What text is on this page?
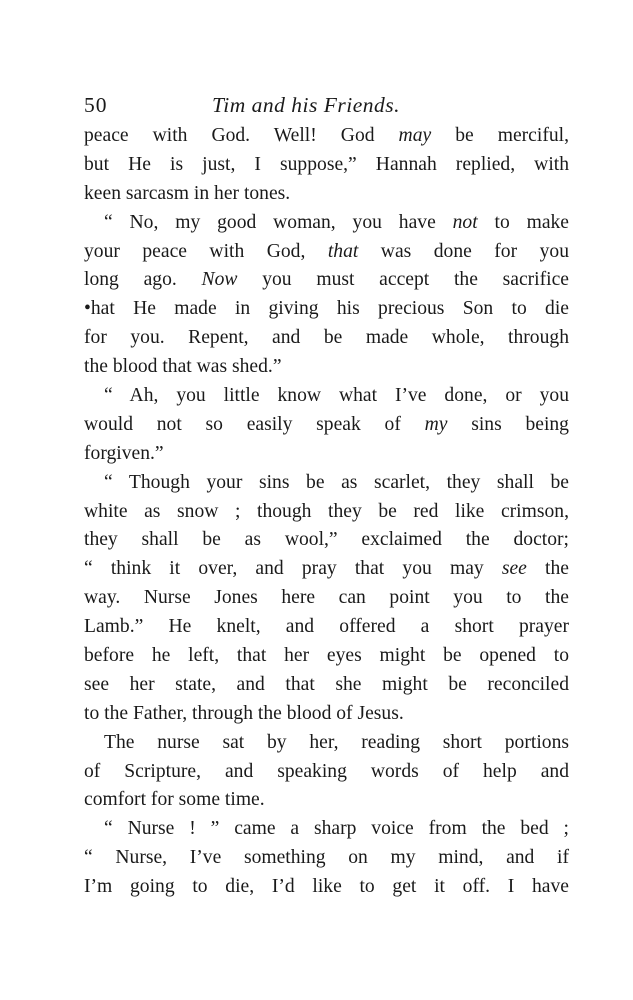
50	Tim and his Friends.
peace with God. Well! God may be merciful,
but He is just, I suppose,” Hannah replied, with
keen sarcasm in her tones.
“ No, my good woman, you have not to make
your peace with God, that was done for you
long ago. Now you must accept the sacrifice
•hat He made in giving his precious Son to die
for you. Repent, and be made whole, through
the blood that was shed.”
“ Ah, you little know what I’ve done, or you
would not so easily speak of my sins being
forgiven.”
“ Though your sins be as scarlet, they shall be
white as snow ; though they be red like crimson,
they shall be as wool,” exclaimed the doctor;
“ think it over, and pray that you may see the
way. Nurse Jones here can point you to the
Lamb.” He knelt, and offered a short prayer
before he left, that her eyes might be opened to
see her state, and that she might be reconciled
to the Father, through the blood of Jesus.
The nurse sat by her, reading short portions
of Scripture, and speaking words of help and
comfort for some time.
“ Nurse ! ” came a sharp voice from the bed ;
“ Nurse, I’ve something on my mind, and if
I’m going to die, I’d like to get it off. I have
